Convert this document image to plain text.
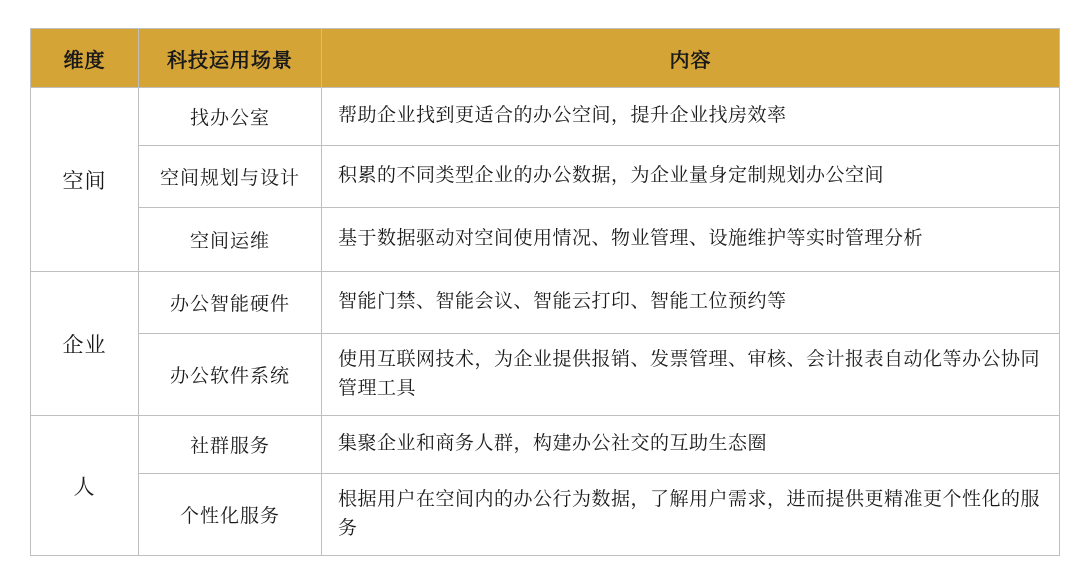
维度	科技运用场景	内容
空间	找办公室	帮助企业找到更适合的办公空间，提升企业找房效率
	空间规划与设计	积累的不同类型企业的办公数据，为企业量身定制规划办公空间
	空间运维	基于数据驱动对空间使用情况、物业管理、设施维护等实时管理分析
企业	办公智能硬件	智能门禁、智能会议、智能云打印、智能工位预约等
	办公软件系统	使用互联网技术，为企业提供报销、发票管理、审核、会计报表自动化等办公协同管理工具
人	社群服务	集聚企业和商务人群，构建办公社交的互助生态圈
	个性化服务	根据用户在空间内的办公行为数据，了解用户需求，进而提供更精准更个性化的服务
